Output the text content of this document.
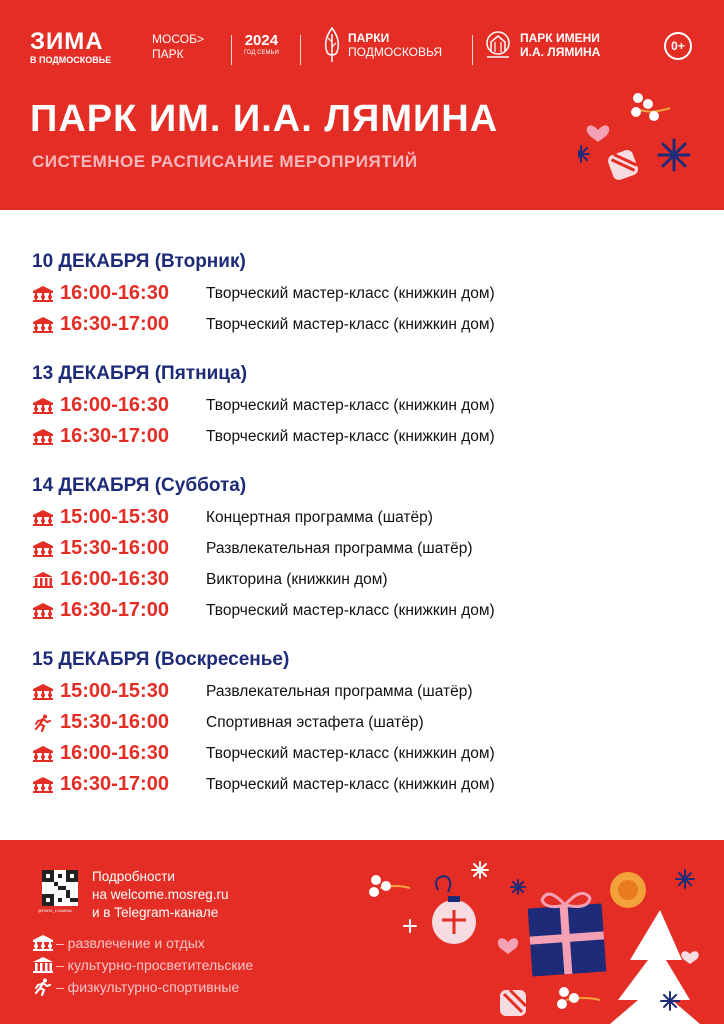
ЗИМА
В ПОДМОСКОВЬЕ
МОСОБ>
ПАРК
2024
ГОД СЕМЬИ
ПАРКИ
ПОДМОСКОВЬЯ
ПАРК ИМЕНИ
И.А. ЛЯМИНА	0+
ПАРК ИМ. И.А. ЛЯМИНА
СИСТЕМНОЕ РАСПИСАНИЕ МЕРОПРИЯТИЙ
10 ДЕКАБРЯ (Вторник)
16:00-16:30	Творческий мастер-класс (книжкин дом)
16:30-17:00	Творческий мастер-класс (книжкин дом)
13 ДЕКАБРЯ (Пятница)
16:00-16:30	Творческий мастер-класс (книжкин дом)
16:30-17:00	Творческий мастер-класс (книжкин дом)
14 ДЕКАБРЯ (Суббота)
15:00-15:30	Концертная программа (шатёр)
15:30-16:00	Развлекательная программа (шатёр)
16:00-16:30	Викторина (книжкин дом)
16:30-17:00	Творческий мастер-класс (книжкин дом)
15 ДЕКАБРЯ (Воскресенье)
15:00-15:30	Развлекательная программа (шатёр)
15:30-16:00	Спортивная эстафета (шатёр)
16:00-16:30	Творческий мастер-класс (книжкин дом)
16:30-17:00	Творческий мастер-класс (книжкин дом)
@PARK_LYAMINA
Подробности
на welcome.mosreg.ru
и в Telegram-канале
– развлечение и отдых
– культурно-просветительские
– физкультурно-спортивные
